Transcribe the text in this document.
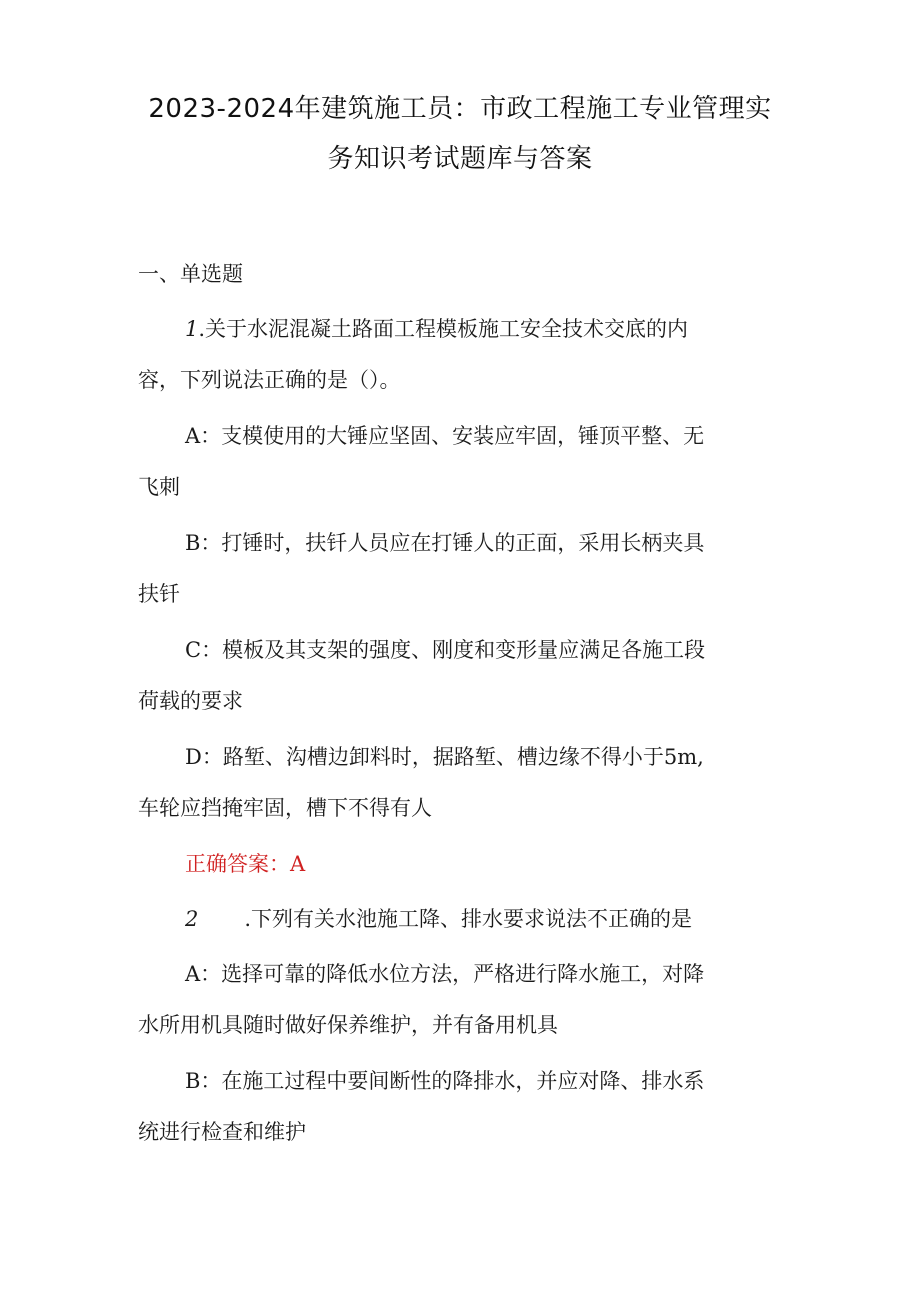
2023-2024年建筑施工员：市政工程施工专业管理实
务知识考试题库与答案
一、单选题
1.关于水泥混凝土路面工程模板施工安全技术交底的内
容，下列说法正确的是（）。
A：支模使用的大锤应坚固、安装应牢固，锤顶平整、无
飞刺
B：打锤时，扶钎人员应在打锤人的正面，采用长柄夹具
扶钎
C：模板及其支架的强度、刚度和变形量应满足各施工段
荷载的要求
D：路堑、沟槽边卸料时，据路堑、槽边缘不得小于5m,
车轮应挡掩牢固，槽下不得有人
正确答案：A
2 .下列有关水池施工降、排水要求说法不正确的是
A：选择可靠的降低水位方法，严格进行降水施工，对降
水所用机具随时做好保养维护，并有备用机具
B：在施工过程中要间断性的降排水，并应对降、排水系
统进行检查和维护
